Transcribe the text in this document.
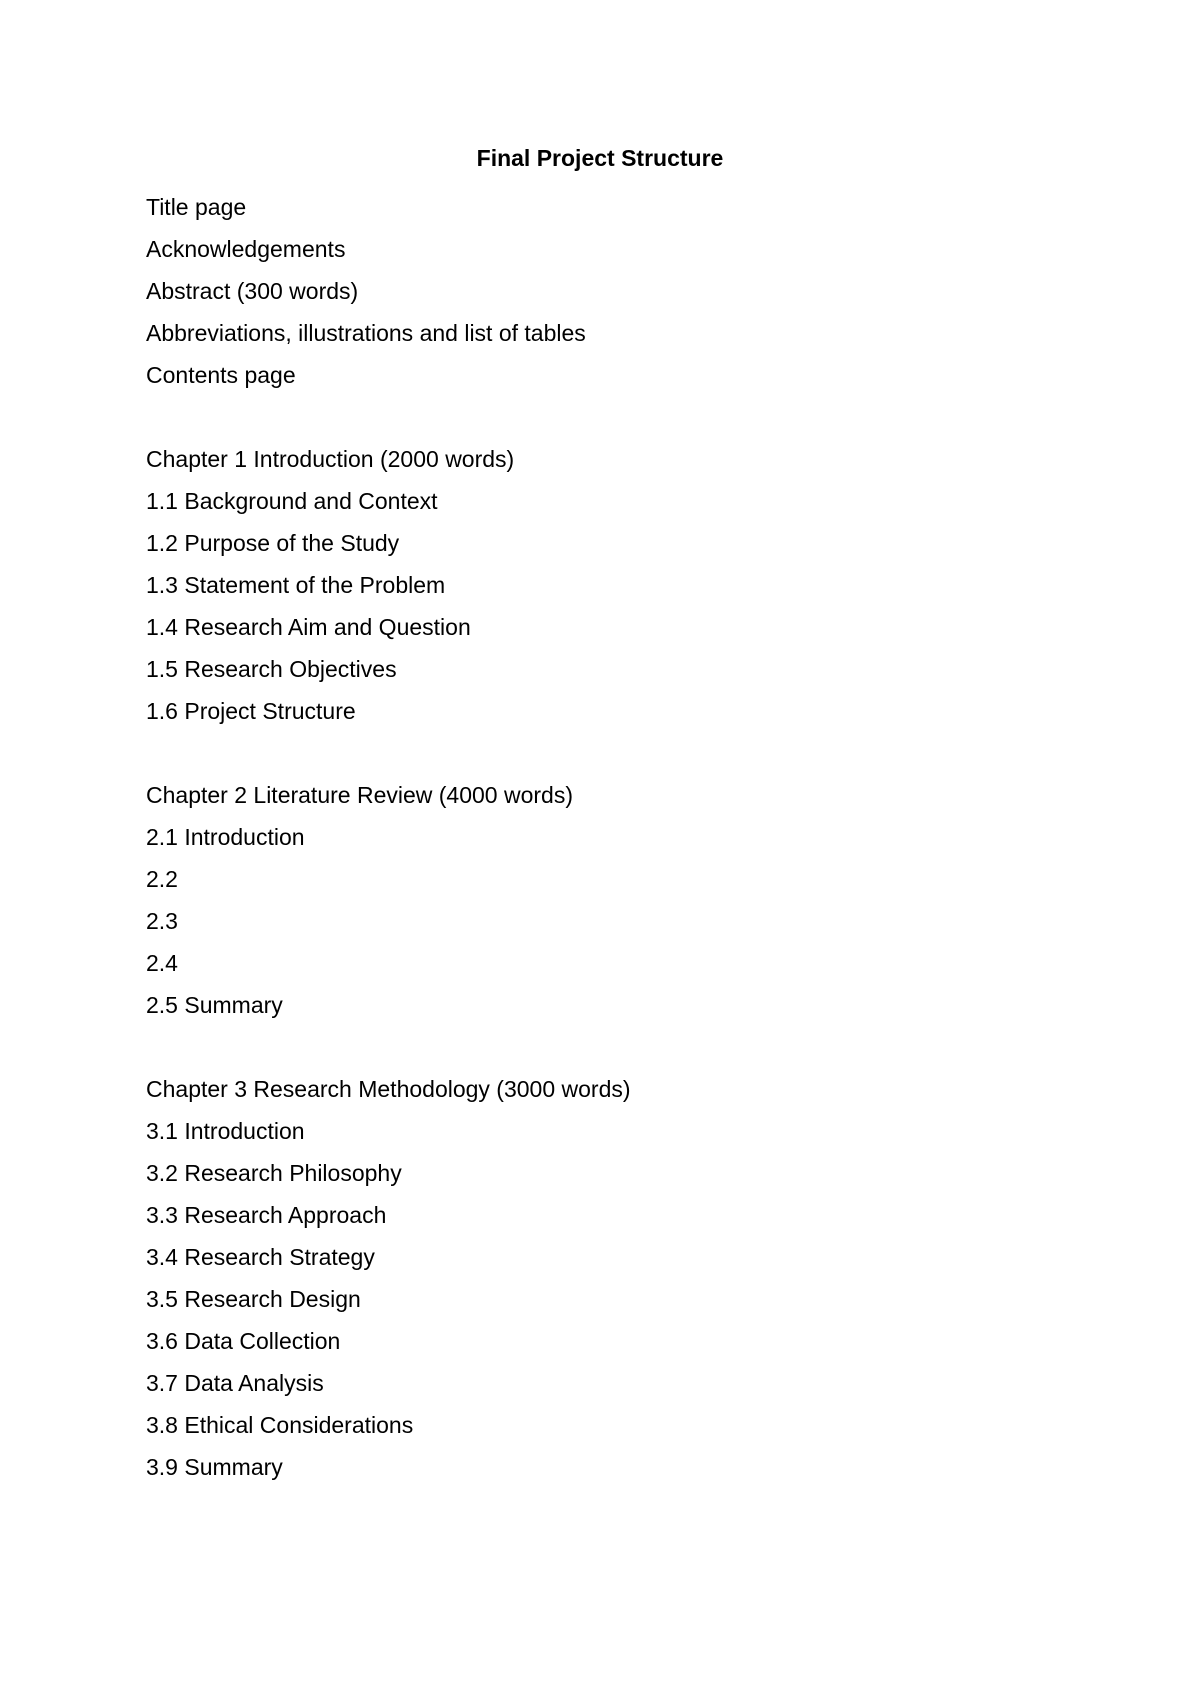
Final Project Structure

Title page

Acknowledgements

Abstract (300 words)

Abbreviations, illustrations and list of tables

Contents page

Chapter 1 Introduction (2000 words)

1.1 Background and Context

1.2 Purpose of the Study

1.3 Statement of the Problem

1.4 Research Aim and Question

1.5 Research Objectives

1.6 Project Structure

Chapter 2 Literature Review (4000 words)

2.1 Introduction

2.2

2.3

2.4

2.5 Summary

Chapter 3 Research Methodology (3000 words)

3.1 Introduction

3.2 Research Philosophy

3.3 Research Approach

3.4 Research Strategy

3.5 Research Design

3.6 Data Collection

3.7 Data Analysis

3.8 Ethical Considerations

3.9 Summary
